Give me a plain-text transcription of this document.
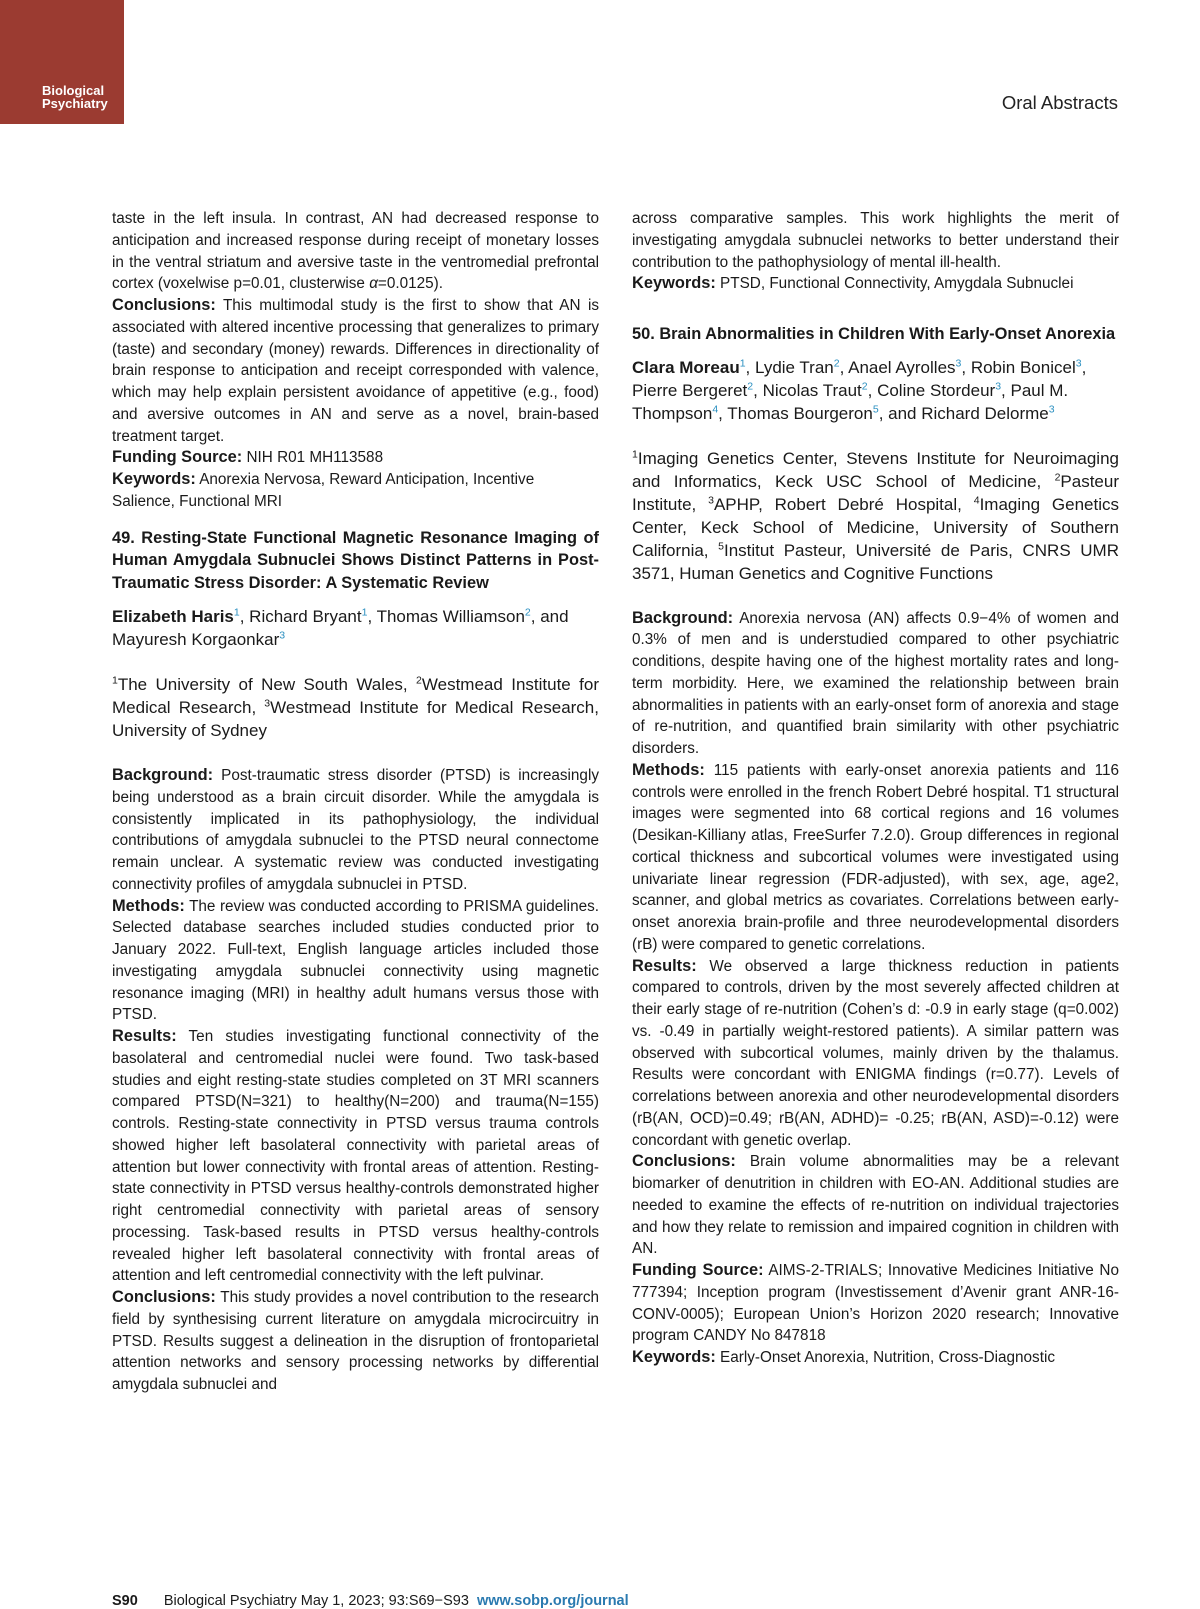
Biological
Psychiatry	Oral Abstracts

taste in the left insula. In contrast, AN had decreased response to anticipation and increased response during receipt of monetary losses in the ventral striatum and aversive taste in the ventromedial prefrontal cortex (voxelwise p=0.01, clusterwise α=0.0125).

Conclusions: This multimodal study is the first to show that AN is associated with altered incentive processing that generalizes to primary (taste) and secondary (money) rewards. Differences in directionality of brain response to anticipation and receipt corresponded with valence, which may help explain persistent avoidance of appetitive (e.g., food) and aversive outcomes in AN and serve as a novel, brain-based treatment target.

Funding Source: NIH R01 MH113588

Keywords: Anorexia Nervosa, Reward Anticipation, Incentive Salience, Functional MRI

49. Resting-State Functional Magnetic Resonance Imaging of Human Amygdala Subnuclei Shows Distinct Patterns in Post-Traumatic Stress Disorder: A Systematic Review

Elizabeth Haris$^1$, Richard Bryant$^1$, Thomas Williamson$^2$, and Mayuresh Korgaonkar$^3$

$^1$The University of New South Wales, $^2$Westmead Institute for Medical Research, $^3$Westmead Institute for Medical Research, University of Sydney

Background: Post-traumatic stress disorder (PTSD) is increasingly being understood as a brain circuit disorder. While the amygdala is consistently implicated in its pathophysiology, the individual contributions of amygdala subnuclei to the PTSD neural connectome remain unclear. A systematic review was conducted investigating connectivity profiles of amygdala subnuclei in PTSD.

Methods: The review was conducted according to PRISMA guidelines. Selected database searches included studies conducted prior to January 2022. Full-text, English language articles included those investigating amygdala subnuclei connectivity using magnetic resonance imaging (MRI) in healthy adult humans versus those with PTSD.

Results: Ten studies investigating functional connectivity of the basolateral and centromedial nuclei were found. Two task-based studies and eight resting-state studies completed on 3T MRI scanners compared PTSD(N=321) to healthy(N=200) and trauma(N=155) controls. Resting-state connectivity in PTSD versus trauma controls showed higher left basolateral connectivity with parietal areas of attention but lower connectivity with frontal areas of attention. Resting-state connectivity in PTSD versus healthy-controls demonstrated higher right centromedial connectivity with parietal areas of sensory processing. Task-based results in PTSD versus healthy-controls revealed higher left basolateral connectivity with frontal areas of attention and left centromedial connectivity with the left pulvinar.

Conclusions: This study provides a novel contribution to the research field by synthesising current literature on amygdala microcircuitry in PTSD. Results suggest a delineation in the disruption of frontoparietal attention networks and sensory processing networks by differential amygdala subnuclei and

across comparative samples. This work highlights the merit of investigating amygdala subnuclei networks to better understand their contribution to the pathophysiology of mental ill-health.

Keywords: PTSD, Functional Connectivity, Amygdala Subnuclei

50. Brain Abnormalities in Children With Early-Onset Anorexia

Clara Moreau$^1$, Lydie Tran$^2$, Anael Ayrolles$^3$, Robin Bonicel$^3$, Pierre Bergeret$^2$, Nicolas Traut$^2$, Coline Stordeur$^3$, Paul M. Thompson$^4$, Thomas Bourgeron$^5$, and Richard Delorme$^3$

$^1$Imaging Genetics Center, Stevens Institute for Neuroimaging and Informatics, Keck USC School of Medicine, $^2$Pasteur Institute, $^3$APHP, Robert Debré Hospital, $^4$Imaging Genetics Center, Keck School of Medicine, University of Southern California, $^5$Institut Pasteur, Université de Paris, CNRS UMR 3571, Human Genetics and Cognitive Functions

Background: Anorexia nervosa (AN) affects 0.9−4% of women and 0.3% of men and is understudied compared to other psychiatric conditions, despite having one of the highest mortality rates and long-term morbidity. Here, we examined the relationship between brain abnormalities in patients with an early-onset form of anorexia and stage of re-nutrition, and quantified brain similarity with other psychiatric disorders.

Methods: 115 patients with early-onset anorexia patients and 116 controls were enrolled in the french Robert Debré hospital. T1 structural images were segmented into 68 cortical regions and 16 volumes (Desikan-Killiany atlas, FreeSurfer 7.2.0). Group differences in regional cortical thickness and subcortical volumes were investigated using univariate linear regression (FDR-adjusted), with sex, age, age2, scanner, and global metrics as covariates. Correlations between early-onset anorexia brain-profile and three neurodevelopmental disorders (rB) were compared to genetic correlations.

Results: We observed a large thickness reduction in patients compared to controls, driven by the most severely affected children at their early stage of re-nutrition (Cohen’s d: -0.9 in early stage (q=0.002) vs. -0.49 in partially weight-restored patients). A similar pattern was observed with subcortical volumes, mainly driven by the thalamus. Results were concordant with ENIGMA findings (r=0.77). Levels of correlations between anorexia and other neurodevelopmental disorders (rB(AN, OCD)=0.49; rB(AN, ADHD)= -0.25; rB(AN, ASD)=-0.12) were concordant with genetic overlap.

Conclusions: Brain volume abnormalities may be a relevant biomarker of denutrition in children with EO-AN. Additional studies are needed to examine the effects of re-nutrition on individual trajectories and how they relate to remission and impaired cognition in children with AN.

Funding Source: AIMS-2-TRIALS; Innovative Medicines Initiative No 777394; Inception program (Investissement d’Avenir grant ANR-16-CONV-0005); European Union’s Horizon 2020 research; Innovative program CANDY No 847818

Keywords: Early-Onset Anorexia, Nutrition, Cross-Diagnostic

S90 Biological Psychiatry May 1, 2023; 93:S69−S93 www.sobp.org/journal
